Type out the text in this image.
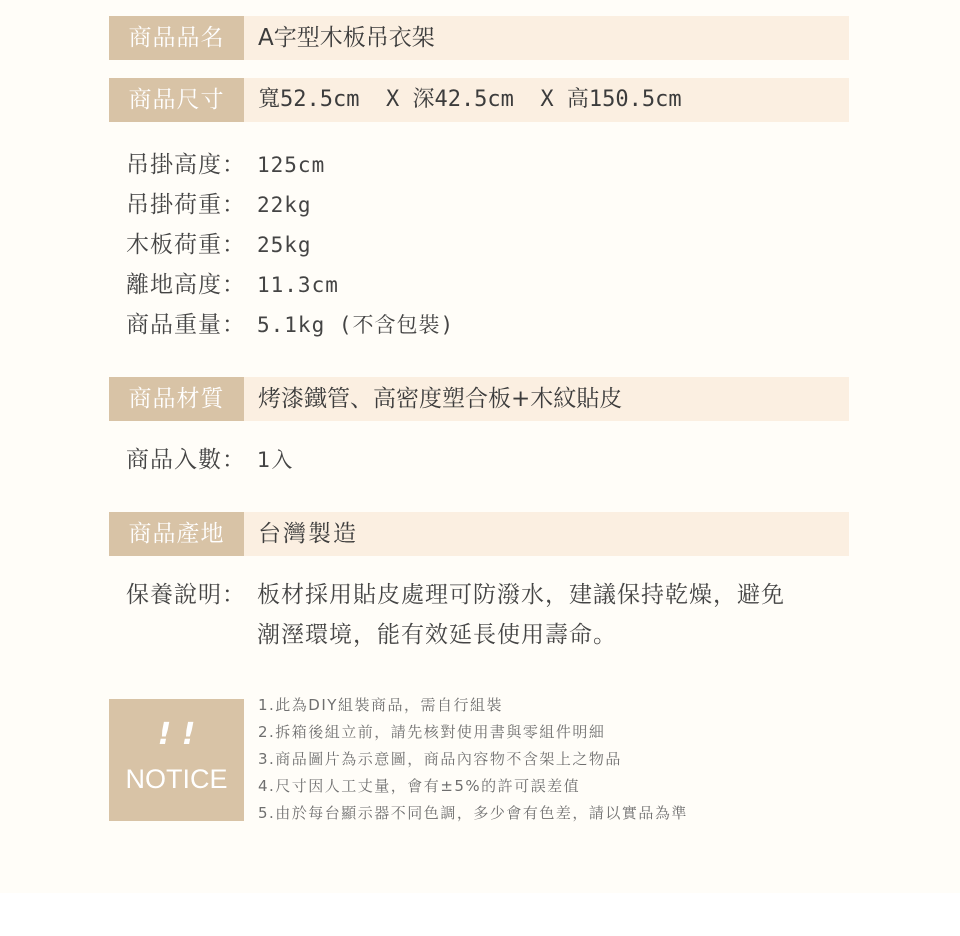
商品品名	A字型木板吊衣架
商品尺寸	寬52.5cm  X 深42.5cm  X 高150.5cm
吊掛高度： 125cm
吊掛荷重： 22kg
木板荷重： 25kg
離地高度： 11.3cm
商品重量： 5.1kg (不含包裝)
商品材質	烤漆鐵管、高密度塑合板+木紋貼皮
商品入數： 1入
商品產地	台灣製造
保養說明： 板材採用貼皮處理可防潑水，建議保持乾燥，避免
潮溼環境，能有效延長使用壽命。
! !
NOTICE
1.此為DIY組裝商品，需自行組裝
2.拆箱後組立前，請先核對使用書與零組件明細
3.商品圖片為示意圖，商品內容物不含架上之物品
4.尺寸因人工丈量，會有±5%的許可誤差值
5.由於每台顯示器不同色調，多少會有色差，請以實品為準
